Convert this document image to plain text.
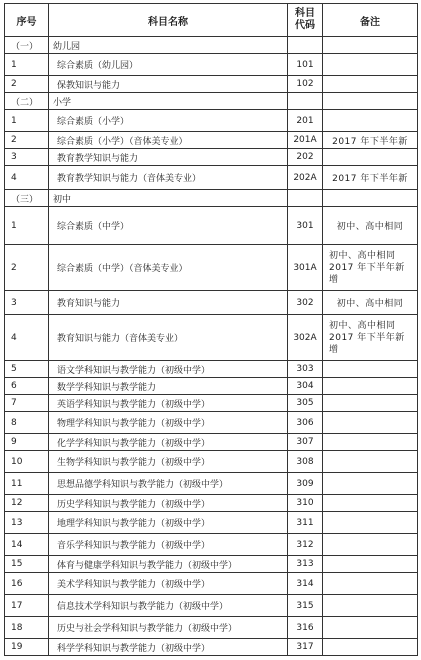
序号	科目名称	科目代码	备注
（一）	幼儿园		
1	综合素质（幼儿园）	101	
2	保教知识与能力	102	
（二）	小学		
1	综合素质（小学）	201	
2	综合素质（小学）（音体美专业）	201A	2017 年下半年新
3	教育教学知识与能力	202	
4	教育教学知识与能力（音体美专业）	202A	2017 年下半年新
（三）	初中		
1	综合素质（中学）	301	初中、高中相同
2	综合素质（中学）（音体美专业）	301A	初中、高中相同 2017 年下半年新增
3	教育知识与能力	302	初中、高中相同
4	教育知识与能力（音体美专业）	302A	初中、高中相同 2017 年下半年新增
5	语文学科知识与教学能力（初级中学）	303	
6	数学学科知识与教学能力	304	
7	英语学科知识与教学能力（初级中学）	305	
8	物理学科知识与教学能力（初级中学）	306	
9	化学学科知识与教学能力（初级中学）	307	
10	生物学科知识与教学能力（初级中学）	308	
11	思想品德学科知识与教学能力（初级中学）	309	
12	历史学科知识与教学能力（初级中学）	310	
13	地理学科知识与教学能力（初级中学）	311	
14	音乐学科知识与教学能力（初级中学）	312	
15	体育与健康学科知识与教学能力（初级中学）	313	
16	美术学科知识与教学能力（初级中学）	314	
17	信息技术学科知识与教学能力（初级中学）	315	
18	历史与社会学科知识与教学能力（初级中学）	316	
19	科学学科知识与教学能力（初级中学）	317	
